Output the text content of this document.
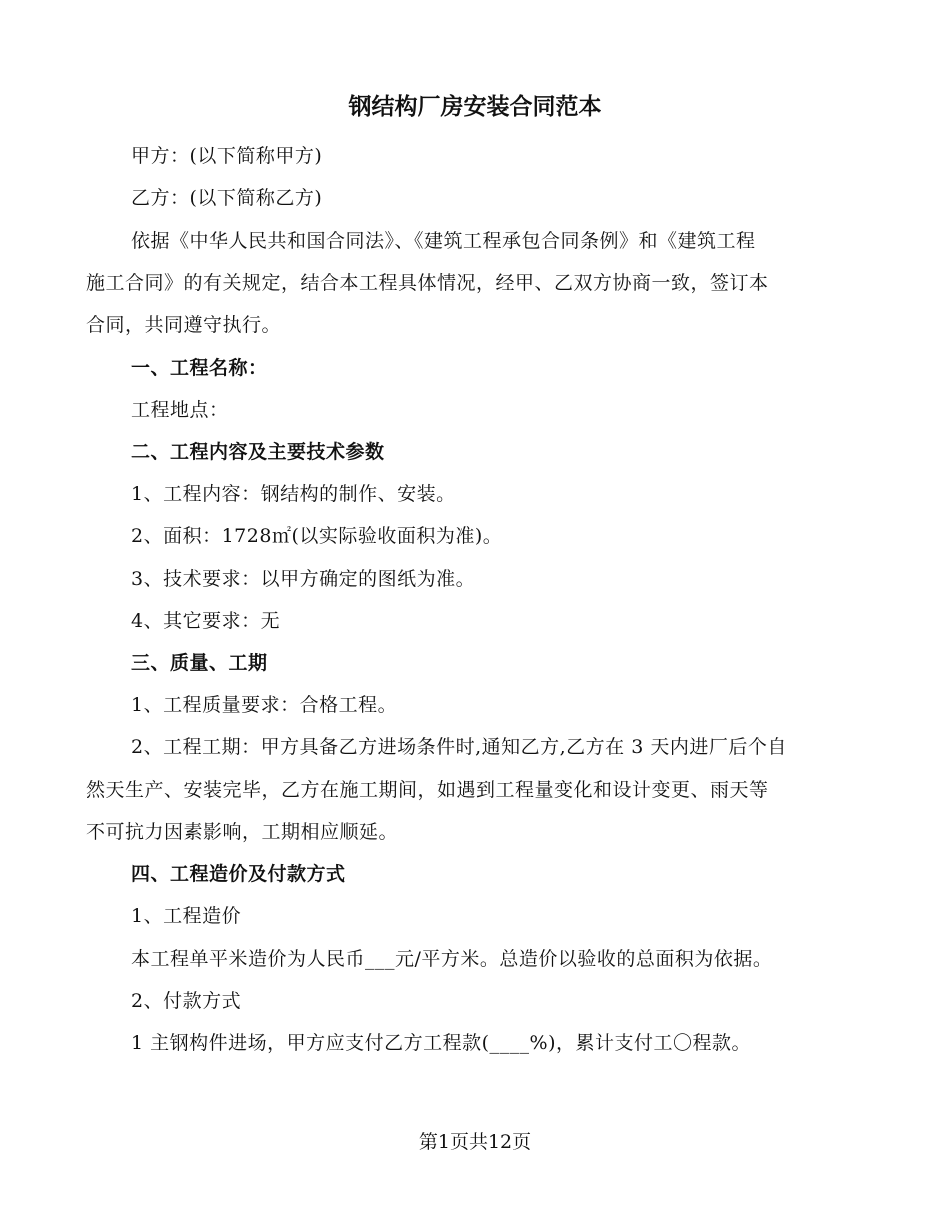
钢结构厂房安装合同范本
甲方：(以下简称甲方)
乙方：(以下简称乙方)
依据《中华人民共和国合同法》、《建筑工程承包合同条例》和《建筑工程
施工合同》的有关规定，结合本工程具体情况，经甲、乙双方协商一致，签订本
合同，共同遵守执行。
一、工程名称：
工程地点：
二、工程内容及主要技术参数
1、工程内容：钢结构的制作、安装。
2、面积：1728㎡(以实际验收面积为准)。
3、技术要求：以甲方确定的图纸为准。
4、其它要求：无
三、质量、工期
1、工程质量要求：合格工程。
2、工程工期：甲方具备乙方进场条件时,通知乙方,乙方在 3 天内进厂后个自
然天生产、安装完毕，乙方在施工期间，如遇到工程量变化和设计变更、雨天等
不可抗力因素影响，工期相应顺延。
四、工程造价及付款方式
1、工程造价
本工程单平米造价为人民币___元/平方米。总造价以验收的总面积为依据。
2、付款方式
1 主钢构件进场，甲方应支付乙方工程款(____%)，累计支付工〇程款。
第1页共12页
